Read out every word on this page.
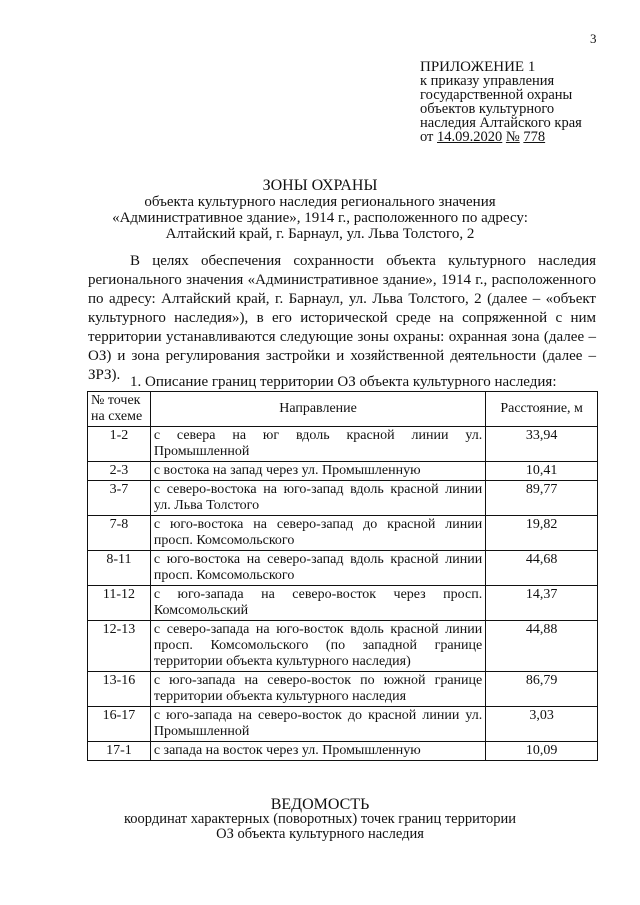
3
ПРИЛОЖЕНИЕ 1
к приказу управления
государственной охраны
объектов культурного
наследия Алтайского края
от 14.09.2020 № 778
ЗОНЫ ОХРАНЫ
объекта культурного наследия регионального значения
«Административное здание», 1914 г., расположенного по адресу:
Алтайский край, г. Барнаул, ул. Льва Толстого, 2

В целях обеспечения сохранности объекта культурного наследия регионального значения «Административное здание», 1914 г., расположенного по адресу: Алтайский край, г. Барнаул, ул. Льва Толстого, 2 (далее – «объект культурного наследия»), в его исторической среде на сопряженной с ним территории устанавливаются следующие зоны охраны: охранная зона (далее – ОЗ) и зона регулирования застройки и хозяйственной деятельности (далее – ЗРЗ). 1. Описание границ территории ОЗ объекта культурного наследия:
№ точек
на схеме	Направление	Расстояние, м
1-2	с севера на юг вдоль красной линии ул. Промышленной	33,94
2-3	с востока на запад через ул. Промышленную	10,41
3-7	с северо-востока на юго-запад вдоль красной линии ул. Льва Толстого	89,77
7-8	с юго-востока на северо-запад до красной линии просп. Комсомольского	19,82
8-11	с юго-востока на северо-запад вдоль красной линии просп. Комсомольского	44,68
11-12	с юго-запада на северо-восток через просп. Комсомольский	14,37
12-13	с северо-запада на юго-восток вдоль красной линии просп. Комсомольского (по западной границе территории объекта культурного наследия)	44,88
13-16	с юго-запада на северо-восток по южной границе территории объекта культурного наследия	86,79
16-17	с юго-запада на северо-восток до красной линии ул. Промышленной	3,03
17-1	с запада на восток через ул. Промышленную	10,09
ВЕДОМОСТЬ
координат характерных (поворотных) точек границ территории
ОЗ объекта культурного наследия
